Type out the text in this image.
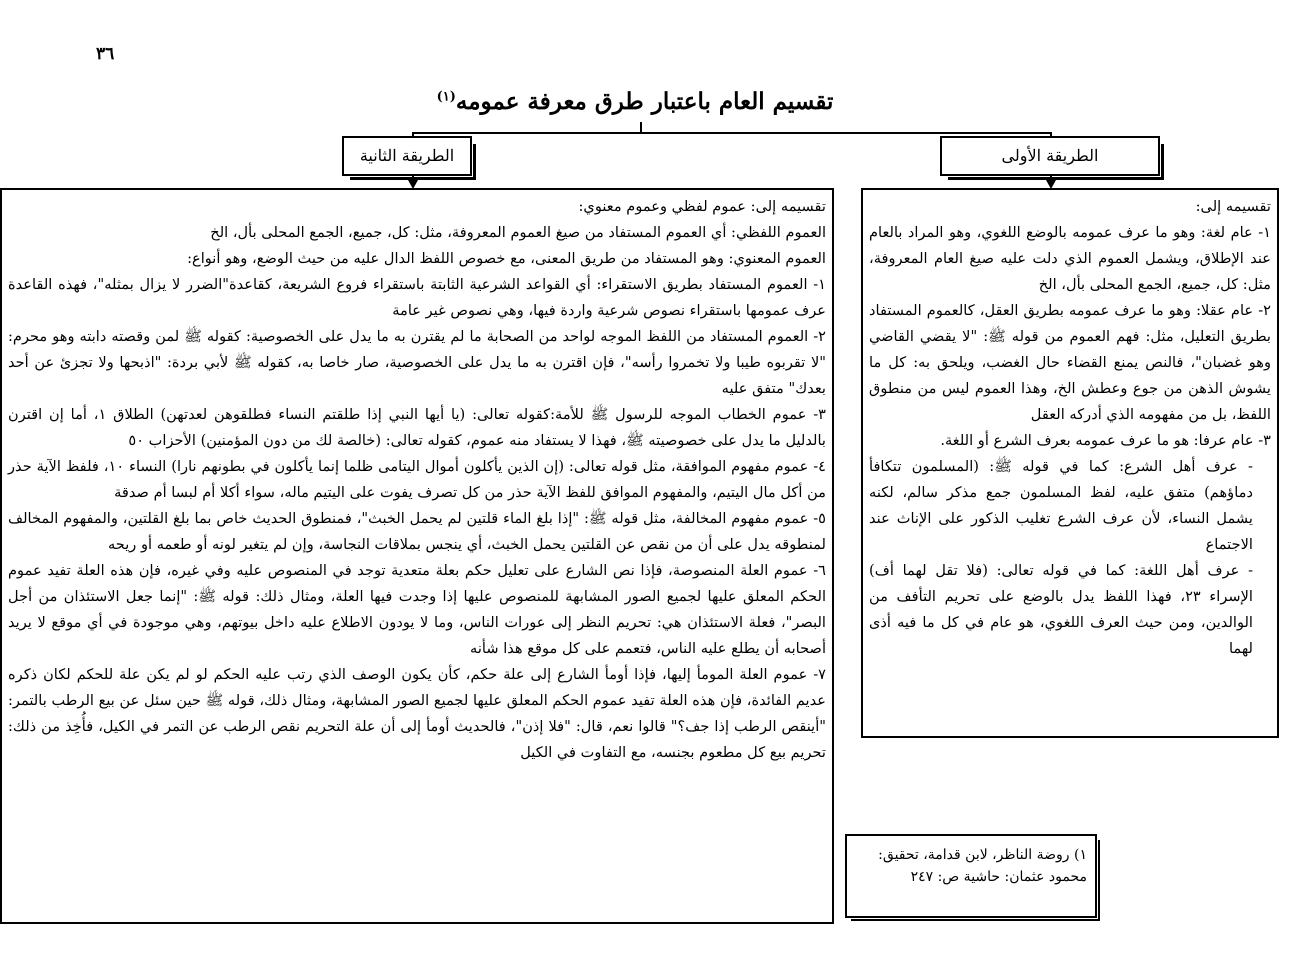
٣٦
تقسيم العام باعتبار طرق معرفة عمومه$^{(١)}$
الطريقة الأولى
الطريقة الثانية

تقسيمه إلى:

١- عام لغة: وهو ما عرف عمومه بالوضع اللغوي، وهو المراد بالعام عند الإطلاق، ويشمل العموم الذي دلت عليه صيغ العام المعروفة، مثل: كل، جميع، الجمع المحلى بأل، الخ

٢- عام عقلا: وهو ما عرف عمومه بطريق العقل، كالعموم المستفاد بطريق التعليل، مثل: فهم العموم من قوله ﷺ: "لا يقضي القاضي وهو غضبان"، فالنص يمنع القضاء حال الغضب، ويلحق به: كل ما يشوش الذهن من جوع وعطش الخ، وهذا العموم ليس من منطوق اللفظ، بل من مفهومه الذي أدركه العقل

٣- عام عرفا: هو ما عرف عمومه بعرف الشرع أو اللغة.

- عرف أهل الشرع: كما في قوله ﷺ: (المسلمون تتكافأ دماؤهم) متفق عليه، لفظ المسلمون جمع مذكر سالم، لكنه يشمل النساء، لأن عرف الشرع تغليب الذكور على الإناث عند الاجتماع

- عرف أهل اللغة: كما في قوله تعالى: (فلا تقل لهما أف) الإسراء ٢٣، فهذا اللفظ يدل بالوضع على تحريم التأفف من الوالدين، ومن حيث العرف اللغوي، هو عام في كل ما فيه أذى لهما

تقسيمه إلى: عموم لفظي وعموم معنوي:

العموم اللفظي: أي العموم المستفاد من صيغ العموم المعروفة، مثل: كل، جميع، الجمع المحلى بأل، الخ

العموم المعنوي: وهو المستفاد من طريق المعنى، مع خصوص اللفظ الدال عليه من حيث الوضع، وهو أنواع:

١- العموم المستفاد بطريق الاستقراء: أي القواعد الشرعية الثابتة باستقراء فروع الشريعة، كقاعدة"الضرر لا يزال بمثله"، فهذه القاعدة عرف عمومها باستقراء نصوص شرعية واردة فيها، وهي نصوص غير عامة

٢- العموم المستفاد من اللفظ الموجه لواحد من الصحابة ما لم يقترن به ما يدل على الخصوصية: كقوله ﷺ لمن وقصته دابته وهو محرم: "لا تقربوه طيبا ولا تخمروا رأسه"، فإن اقترن به ما يدل على الخصوصية، صار خاصا به، كقوله ﷺ لأبي بردة: "اذبحها ولا تجزئ عن أحد بعدك" متفق عليه

٣- عموم الخطاب الموجه للرسول ﷺ للأمة:كقوله تعالى: (يا أيها النبي إذا طلقتم النساء فطلقوهن لعدتهن) الطلاق ١، أما إن اقترن بالدليل ما يدل على خصوصيته ﷺ، فهذا لا يستفاد منه عموم، كقوله تعالى: (خالصة لك من دون المؤمنين) الأحزاب ٥٠

٤- عموم مفهوم الموافقة، مثل قوله تعالى: (إن الذين يأكلون أموال اليتامى ظلما إنما يأكلون في بطونهم نارا) النساء ١٠، فلفظ الآية حذر من أكل مال اليتيم، والمفهوم الموافق للفظ الآية حذر من كل تصرف يفوت على اليتيم ماله، سواء أكلا أم لبسا أم صدقة

٥- عموم مفهوم المخالفة، مثل قوله ﷺ: "إذا بلغ الماء قلتين لم يحمل الخبث"، فمنطوق الحديث خاص بما بلغ القلتين، والمفهوم المخالف لمنطوقه يدل على أن من نقص عن القلتين يحمل الخبث، أي ينجس بملاقات النجاسة، وإن لم يتغير لونه أو طعمه أو ريحه

٦- عموم العلة المنصوصة، فإذا نص الشارع على تعليل حكم بعلة متعدية توجد في المنصوص عليه وفي غيره، فإن هذه العلة تفيد عموم الحكم المعلق عليها لجميع الصور المشابهة للمنصوص عليها إذا وجدت فيها العلة، ومثال ذلك: قوله ﷺ: "إنما جعل الاستئذان من أجل البصر"، فعلة الاستئذان هي: تحريم النظر إلى عورات الناس، وما لا يودون الاطلاع عليه داخل بيوتهم، وهي موجودة في أي موقع لا يريد أصحابه أن يطلع عليه الناس، فتعمم على كل موقع هذا شأنه

٧- عموم العلة المومأ إليها، فإذا أومأ الشارع إلى علة حكم، كأن يكون الوصف الذي رتب عليه الحكم لو لم يكن علة للحكم لكان ذكره عديم الفائدة، فإن هذه العلة تفيد عموم الحكم المعلق عليها لجميع الصور المشابهة، ومثال ذلك، قوله ﷺ حين سئل عن بيع الرطب بالتمر: "أينقص الرطب إذا جف؟" قالوا نعم، قال: "فلا إذن"، فالحديث أومأ إلى أن علة التحريم نقص الرطب عن التمر في الكيل، فأُخِذ من ذلك: تحريم بيع كل مطعوم بجنسه، مع التفاوت في الكيل

١) روضة الناظر، لابن قدامة، تحقيق:
محمود عثمان: حاشية ص: ٢٤٧
